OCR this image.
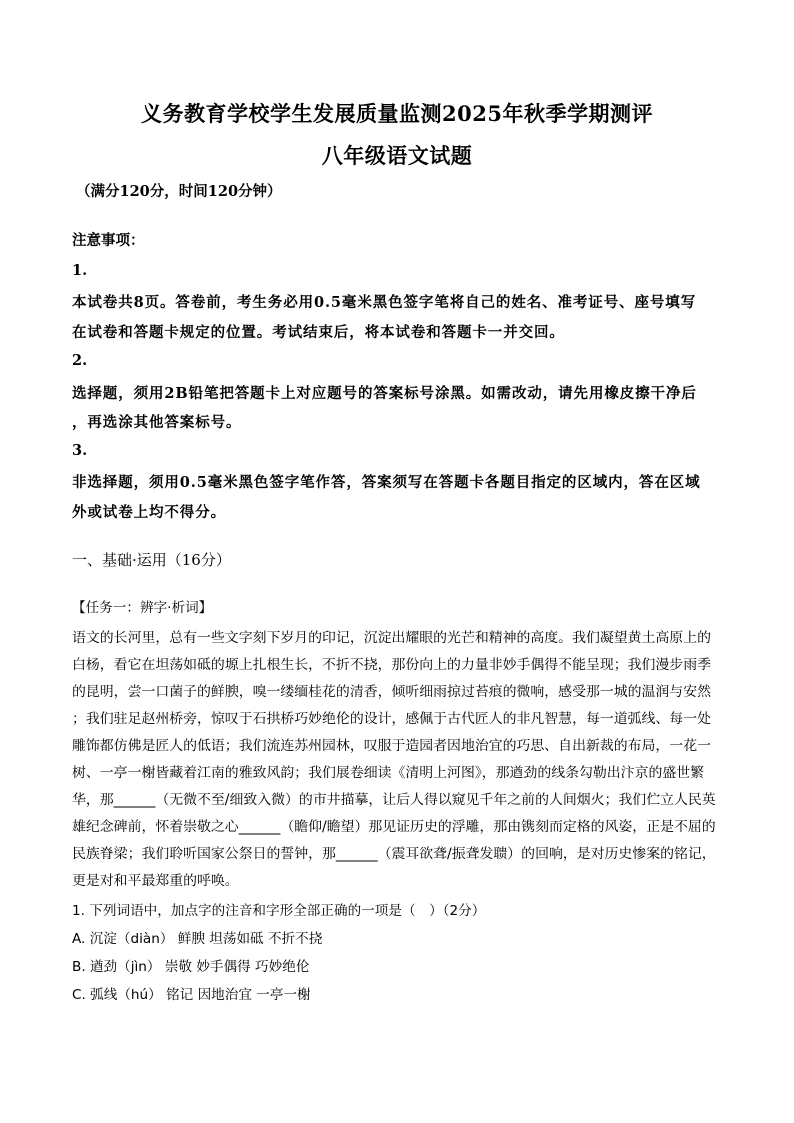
义务教育学校学生发展质量监测2025年秋季学期测评
八年级语文试题
（满分120分，时间120分钟）
注意事项：
1.
本试卷共8页。答卷前，考生务必用0.5毫米黑色签字笔将自己的姓名、准考证号、座号填写
在试卷和答题卡规定的位置。考试结束后，将本试卷和答题卡一并交回。
2.
选择题，须用2B铅笔把答题卡上对应题号的答案标号涂黑。如需改动，请先用橡皮擦干净后
，再选涂其他答案标号。
3.
非选择题，须用0.5毫米黑色签字笔作答，答案须写在答题卡各题目指定的区域内，答在区域
外或试卷上均不得分。
一、基础·运用（16分）
【任务一：辨字·析词】
语文的长河里，总有一些文字刻下岁月的印记，沉淀出耀眼的光芒和精神的高度。我们凝望黄土高原上的
白杨，看它在坦荡如砥的塬上扎根生长，不折不挠，那份向上的力量非妙手偶得不能呈现；我们漫步雨季
的昆明，尝一口菌子的鲜腴，嗅一缕缅桂花的清香，倾听细雨掠过苔痕的微响，感受那一城的温润与安然
；我们驻足赵州桥旁，惊叹于石拱桥巧妙绝伦的设计，感佩于古代匠人的非凡智慧，每一道弧线、每一处
雕饰都仿佛是匠人的低语；我们流连苏州园林，叹服于造园者因地治宜的巧思、自出新裁的布局，一花一
树、一亭一榭皆藏着江南的雅致风韵；我们展卷细读《清明上河图》，那遒劲的线条勾勒出汴京的盛世繁
华，那______（无微不至/细致入微）的市井描摹，让后人得以窥见千年之前的人间烟火；我们伫立人民英
雄纪念碑前，怀着崇敬之心______（瞻仰/瞻望）那见证历史的浮雕，那由镌刻而定格的风姿，正是不屈的
民族脊梁；我们聆听国家公祭日的誓钟，那______（震耳欲聋/振聋发聩）的回响，是对历史惨案的铭记，
更是对和平最郑重的呼唤。
1. 下列词语中，加点字的注音和字形全部正确的一项是（　）（2分）
A. 沉淀（diàn） 鲜腴 坦荡如砥 不折不挠
B. 遒劲（jìn） 崇敬 妙手偶得 巧妙绝伦
C. 弧线（hú） 铭记 因地治宜 一亭一榭
